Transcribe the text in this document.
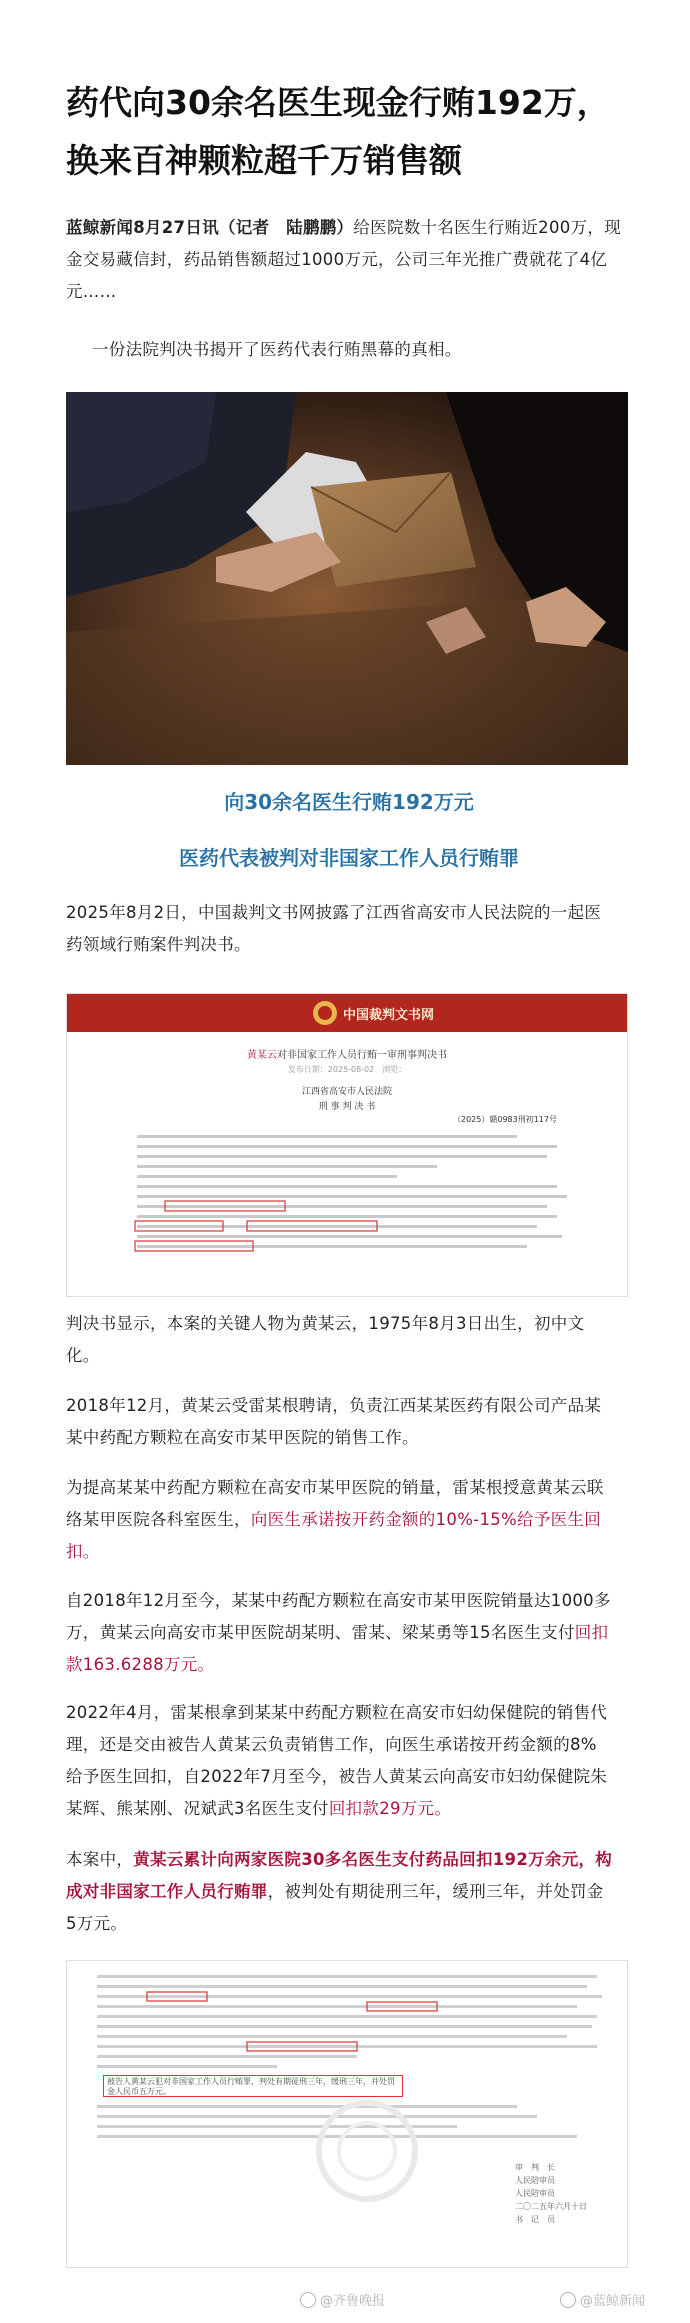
药代向30余名医生现金行贿192万，
换来百神颗粒超千万销售额
蓝鲸新闻8月27日讯（记者　陆鹏鹏）给医院数十名医生行贿近200万，现
金交易藏信封，药品销售额超过1000万元，公司三年光推广费就花了4亿
元……
一份法院判决书揭开了医药代表行贿黑幕的真相。
向30余名医生行贿192万元
医药代表被判对非国家工作人员行贿罪
2025年8月2日，中国裁判文书网披露了江西省高安市人民法院的一起医
药领域行贿案件判决书。
中国裁判文书网
黄某云对非国家工作人员行贿一审刑事判决书
发布日期：2025-08-02　浏览：
江西省高安市人民法院
刑 事 判 决 书
（2025）赣0983刑初117号
判决书显示，本案的关键人物为黄某云，1975年8月3日出生，初中文
化。
2018年12月，黄某云受雷某根聘请，负责江西某某医药有限公司产品某
某中药配方颗粒在高安市某甲医院的销售工作。
为提高某某中药配方颗粒在高安市某甲医院的销量，雷某根授意黄某云联
络某甲医院各科室医生，向医生承诺按开药金额的10%-15%给予医生回
扣。
自2018年12月至今，某某中药配方颗粒在高安市某甲医院销量达1000多
万，黄某云向高安市某甲医院胡某明、雷某、梁某勇等15名医生支付回扣
款163.6288万元。
2022年4月，雷某根拿到某某中药配方颗粒在高安市妇幼保健院的销售代
理，还是交由被告人黄某云负责销售工作，向医生承诺按开药金额的8%
给予医生回扣，自2022年7月至今，被告人黄某云向高安市妇幼保健院朱
某辉、熊某刚、况斌武3名医生支付回扣款29万元。
本案中，黄某云累计向两家医院30多名医生支付药品回扣192万余元，构
成对非国家工作人员行贿罪，被判处有期徒刑三年，缓刑三年，并处罚金
5万元。
被告人黄某云犯对非国家工作人员行贿罪，判处有期徒刑三年，缓刑三年，并处罚金人民币五万元。
审　判　长
人民陪审员
人民陪审员
二〇二五年六月十日
书　记　员
@齐鲁晚报	@蓝鲸新闻
